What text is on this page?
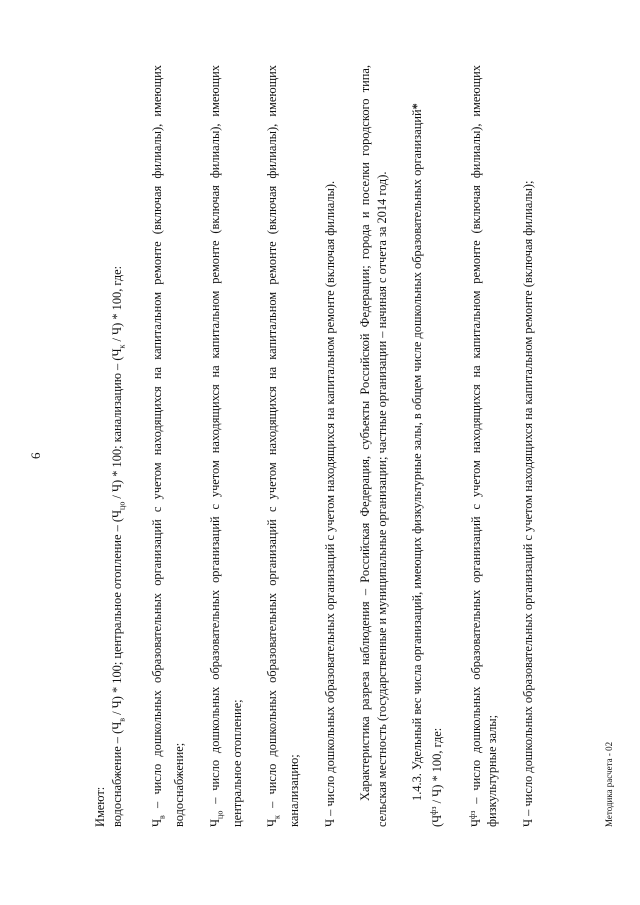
6

Имеют: водоснабжение – $(Ч_в / Ч) * 100$; центральное отопление – $(Ч_{цо} / Ч) * 100$; канализацию – $(Ч_к / Ч) * 100$, где:

$Ч_в$ – число дошкольных образовательных организаций с учетом находящихся на капитальном ремонте (включая филиалы), имеющих водоснабжение; $Ч_{цо}$ – число дошкольных образовательных организаций с учетом находящихся на капитальном ремонте (включая филиалы), имеющих центральное отопление; $Ч_к$ – число дошкольных образовательных организаций с учетом находящихся на капитальном ремонте (включая филиалы), имеющих канализацию; Ч – число дошкольных образовательных организаций с учетом находящихся на капитальном ремонте (включая филиалы). Характеристика разреза наблюдения – Российская Федерация, субъекты Российской Федерации; города и поселки городского типа, сельская местность (государственные и муниципальные организации; частные организации – начиная с отчета за 2014 год). 1.4.3. Удельный вес числа организаций, имеющих физкультурные залы, в общем числе дошкольных образовательных организаций*

$(Ч^{фз} / Ч) * 100$, где:

$Ч^{фз}$ – число дошкольных образовательных организаций с учетом находящихся на капитальном ремонте (включая филиалы), имеющих физкультурные залы; Ч – число дошкольных образовательных организаций с учетом находящихся на капитальном ремонте (включая филиалы);	Методика расчета - 02
